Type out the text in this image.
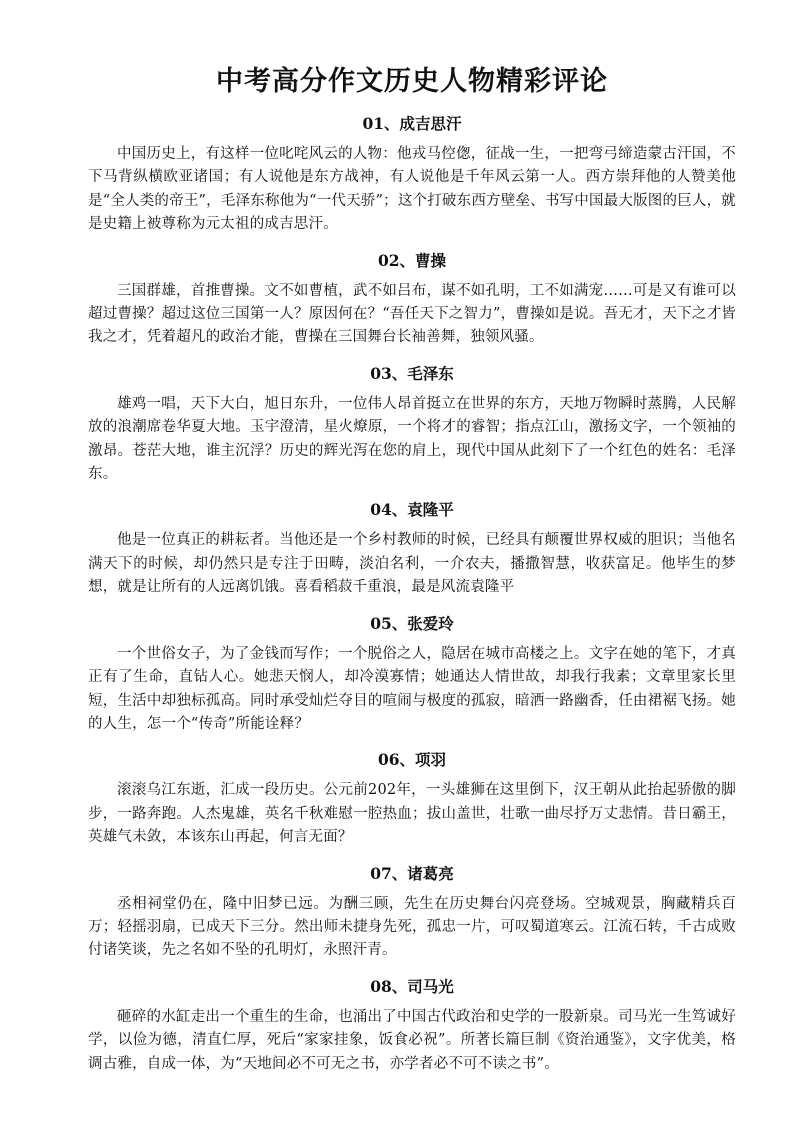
中考高分作文历史人物精彩评论
01、成吉思汗

中国历史上，有这样一位叱咤风云的人物：他戎马倥偬，征战一生，一把弯弓缔造蒙古汗国，不下马背纵横欧亚诸国；有人说他是东方战神，有人说他是千年风云第一人。西方崇拜他的人赞美他是“全人类的帝王”，毛泽东称他为“一代天骄”；这个打破东西方壁垒、书写中国最大版图的巨人，就是史籍上被尊称为元太祖的成吉思汗。

02、曹操

三国群雄，首推曹操。文不如曹植，武不如吕布，谋不如孔明，工不如满宠……可是又有谁可以超过曹操？超过这位三国第一人？原因何在？“吾任天下之智力”，曹操如是说。吾无才，天下之才皆我之才，凭着超凡的政治才能，曹操在三国舞台长袖善舞，独领风骚。

03、毛泽东

雄鸡一唱，天下大白，旭日东升，一位伟人昂首挺立在世界的东方，天地万物瞬时蒸腾，人民解放的浪潮席卷华夏大地。玉宇澄清，星火燎原，一个将才的睿智；指点江山，激扬文字，一个领袖的激昂。苍茫大地，谁主沉浮？历史的辉光泻在您的肩上，现代中国从此刻下了一个红色的姓名：毛泽东。

04、袁隆平

他是一位真正的耕耘者。当他还是一个乡村教师的时候，已经具有颠覆世界权威的胆识；当他名满天下的时候，却仍然只是专注于田畴，淡泊名利，一介农夫，播撒智慧，收获富足。他毕生的梦想，就是让所有的人远离饥饿。喜看稻菽千重浪，最是风流袁隆平

05、张爱玲

一个世俗女子，为了金钱而写作；一个脱俗之人，隐居在城市高楼之上。文字在她的笔下，才真正有了生命，直钻人心。她悲天悯人，却冷漠寡情；她通达人情世故，却我行我素；文章里家长里短，生活中却独标孤高。同时承受灿烂夺目的喧闹与极度的孤寂，暗洒一路幽香，任由裙裾飞扬。她的人生，怎一个“传奇”所能诠释？

06、项羽

滚滚乌江东逝，汇成一段历史。公元前202年，一头雄狮在这里倒下，汉王朝从此抬起骄傲的脚步，一路奔跑。人杰鬼雄，英名千秋难慰一腔热血；拔山盖世，壮歌一曲尽抒万丈悲情。昔日霸王，英雄气未敛，本该东山再起，何言无面？

07、诸葛亮

丞相祠堂仍在，隆中旧梦已远。为酬三顾，先生在历史舞台闪亮登场。空城观景，胸藏精兵百万；轻摇羽扇，已成天下三分。然出师未捷身先死，孤忠一片，可叹蜀道寒云。江流石转，千古成败付诸笑谈，先之名如不坠的孔明灯，永照汗青。

08、司马光

砸碎的水缸走出一个重生的生命，也涌出了中国古代政治和史学的一股新泉。司马光一生笃诚好学，以俭为德，清直仁厚，死后“家家挂象，饭食必祝”。所著长篇巨制《资治通鉴》，文字优美，格调古雅，自成一体，为“天地间必不可无之书，亦学者必不可不读之书”。
